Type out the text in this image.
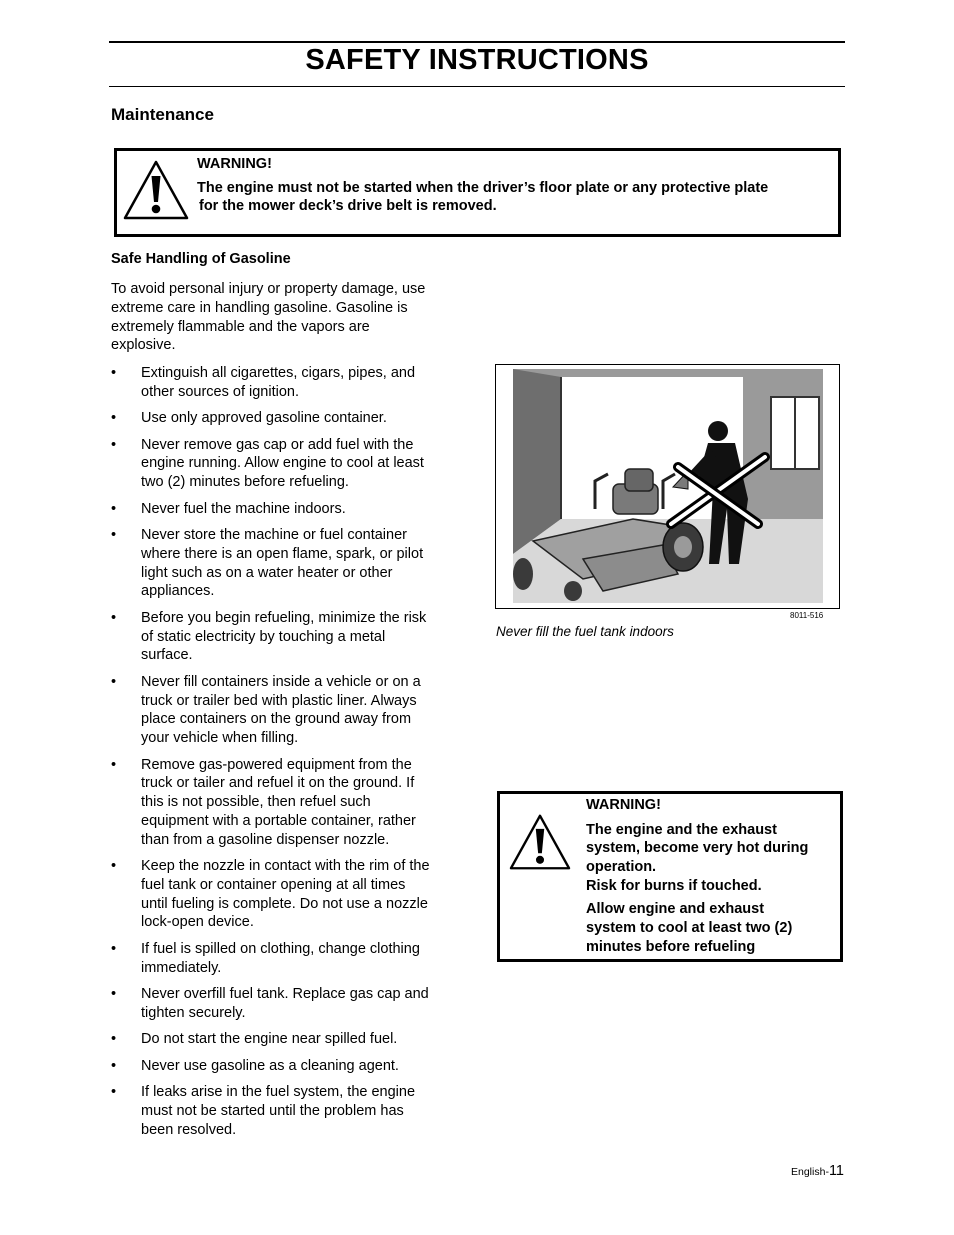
SAFETY INSTRUCTIONS
Maintenance
WARNING!
The engine must not be started when the driver’s floor plate or any protective plate
for the mower deck’s drive belt is removed.
Safe Handling of Gasoline
To avoid personal injury or property damage, use extreme care in handling gasoline. Gasoline is extremely flammable and the vapors are explosive.
• Extinguish all cigarettes, cigars, pipes, and other sources of ignition.
• Use only approved gasoline container.
• Never remove gas cap or add fuel with the engine running. Allow engine to cool at least two (2) minutes before refueling.
• Never fuel the machine indoors.
• Never store the machine or fuel container where there is an open flame, spark, or pilot light such as on a water heater or other appliances.
• Before you begin refueling, minimize the risk of static electricity by touching a metal surface.
• Never fill containers inside a vehicle or on a truck or trailer bed with plastic liner. Always place containers on the ground away from your vehicle when filling.
• Remove gas-powered equipment from the truck or tailer and refuel it on the ground. If this is not possible, then refuel such equipment with a portable container, rather than from a gasoline dispenser nozzle.
• Keep the nozzle in contact with the rim of the fuel tank or container opening at all times until fueling is complete. Do not use a nozzle lock-open device.
• If fuel is spilled on clothing, change clothing immediately.
• Never overfill fuel tank. Replace gas cap and tighten securely.
• Do not start the engine near spilled fuel.
• Never use gasoline as a cleaning agent.
• If leaks arise in the fuel system, the engine must not be started until the problem has been resolved.
8011-516
Never fill the fuel tank indoors
WARNING!
The engine and the exhaust
system, become very hot during
operation.
Risk for burns if touched.
Allow engine and exhaust
system to cool at least two (2)
minutes before refueling
English-11
